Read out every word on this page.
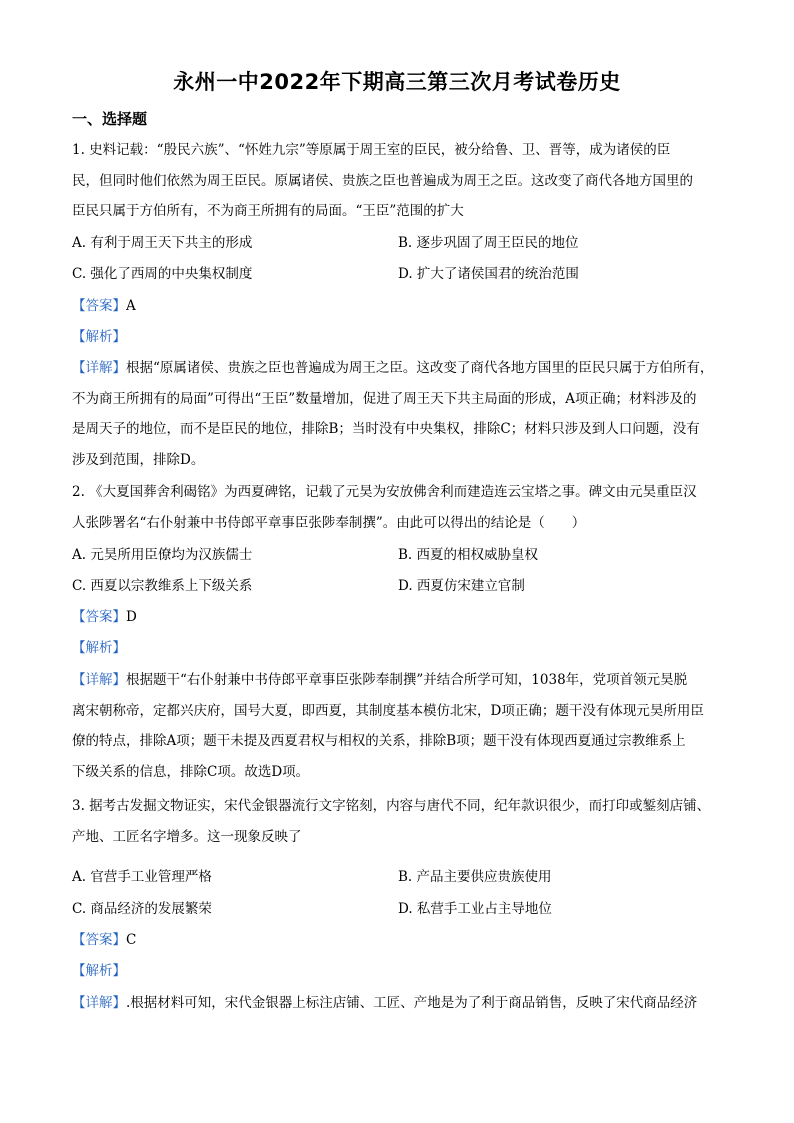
永州一中2022年下期高三第三次月考试卷历史
一、选择题
1. 史料记载：“殷民六族”、“怀姓九宗”等原属于周王室的臣民，被分给鲁、卫、晋等，成为诸侯的臣
民，但同时他们依然为周王臣民。原属诸侯、贵族之臣也普遍成为周王之臣。这改变了商代各地方国里的
臣民只属于方伯所有，不为商王所拥有的局面。“王臣”范围的扩大
A. 有利于周王天下共主的形成	B. 逐步巩固了周王臣民的地位
C. 强化了西周的中央集权制度	D. 扩大了诸侯国君的统治范围
【答案】A
【解析】
【详解】根据“原属诸侯、贵族之臣也普遍成为周王之臣。这改变了商代各地方国里的臣民只属于方伯所有，
不为商王所拥有的局面”可得出“王臣”数量增加，促进了周王天下共主局面的形成，A项正确；材料涉及的
是周天子的地位，而不是臣民的地位，排除B；当时没有中央集权，排除C；材料只涉及到人口问题，没有
涉及到范围，排除D。
2. 《大夏国葬舍利碣铭》为西夏碑铭，记载了元昊为安放佛舍利而建造连云宝塔之事。碑文由元昊重臣汉
人张陟署名“右仆射兼中书侍郎平章事臣张陟奉制撰”。由此可以得出的结论是（　　）
A. 元昊所用臣僚均为汉族儒士	B. 西夏的相权威胁皇权
C. 西夏以宗教维系上下级关系	D. 西夏仿宋建立官制
【答案】D
【解析】
【详解】根据题干“右仆射兼中书侍郎平章事臣张陟奉制撰”并结合所学可知，1038年，党项首领元昊脱
离宋朝称帝，定都兴庆府，国号大夏，即西夏，其制度基本模仿北宋，D项正确；题干没有体现元昊所用臣
僚的特点，排除A项；题干未提及西夏君权与相权的关系，排除B项；题干没有体现西夏通过宗教维系上
下级关系的信息，排除C项。故选D项。
3. 据考古发掘文物证实，宋代金银器流行文字铭刻，内容与唐代不同，纪年款识很少，而打印或錾刻店铺、
产地、工匠名字增多。这一现象反映了
A. 官营手工业管理严格	B. 产品主要供应贵族使用
C. 商品经济的发展繁荣	D. 私营手工业占主导地位
【答案】C
【解析】
【详解】.根据材料可知，宋代金银器上标注店铺、工匠、产地是为了利于商品销售，反映了宋代商品经济
